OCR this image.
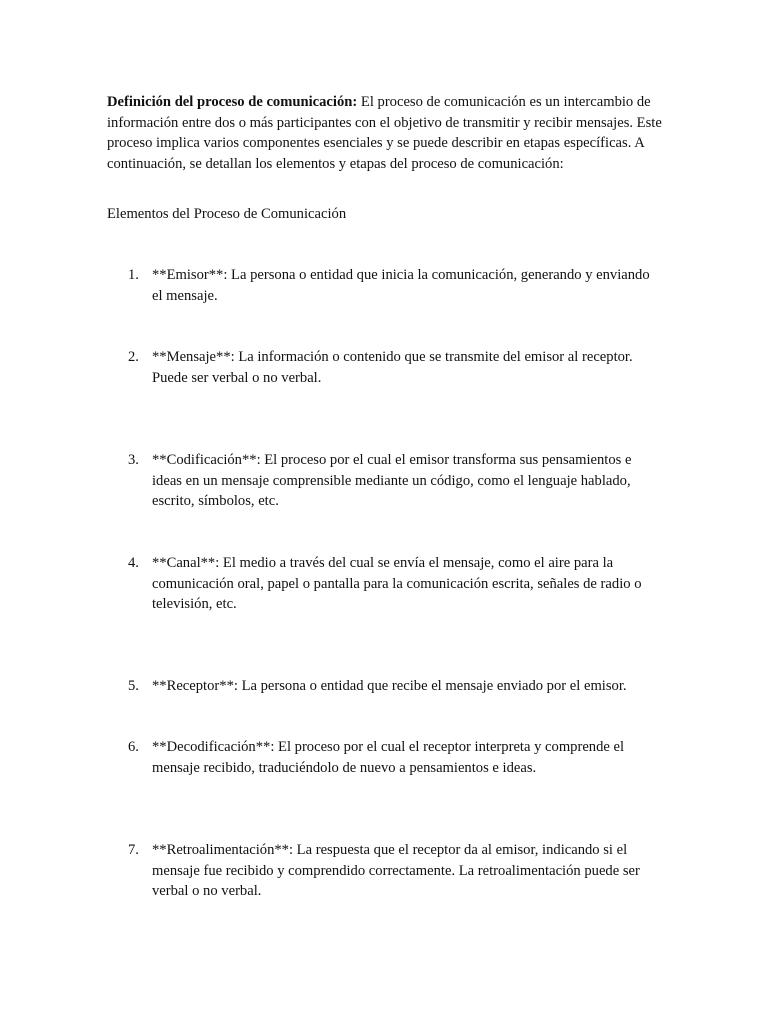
Definición del proceso de comunicación: El proceso de comunicación es un intercambio de información entre dos o más participantes con el objetivo de transmitir y recibir mensajes. Este proceso implica varios componentes esenciales y se puede describir en etapas específicas. A continuación, se detallan los elementos y etapas del proceso de comunicación:

Elementos del Proceso de Comunicación
1. **Emisor**: La persona o entidad que inicia la comunicación, generando y enviando el mensaje.
2. **Mensaje**: La información o contenido que se transmite del emisor al receptor. Puede ser verbal o no verbal.
3. **Codificación**: El proceso por el cual el emisor transforma sus pensamientos e ideas en un mensaje comprensible mediante un código, como el lenguaje hablado, escrito, símbolos, etc.
4. **Canal**: El medio a través del cual se envía el mensaje, como el aire para la comunicación oral, papel o pantalla para la comunicación escrita, señales de radio o televisión, etc.
5. **Receptor**: La persona o entidad que recibe el mensaje enviado por el emisor.
6. **Decodificación**: El proceso por el cual el receptor interpreta y comprende el mensaje recibido, traduciéndolo de nuevo a pensamientos e ideas.
7. **Retroalimentación**: La respuesta que el receptor da al emisor, indicando si el mensaje fue recibido y comprendido correctamente. La retroalimentación puede ser verbal o no verbal.
